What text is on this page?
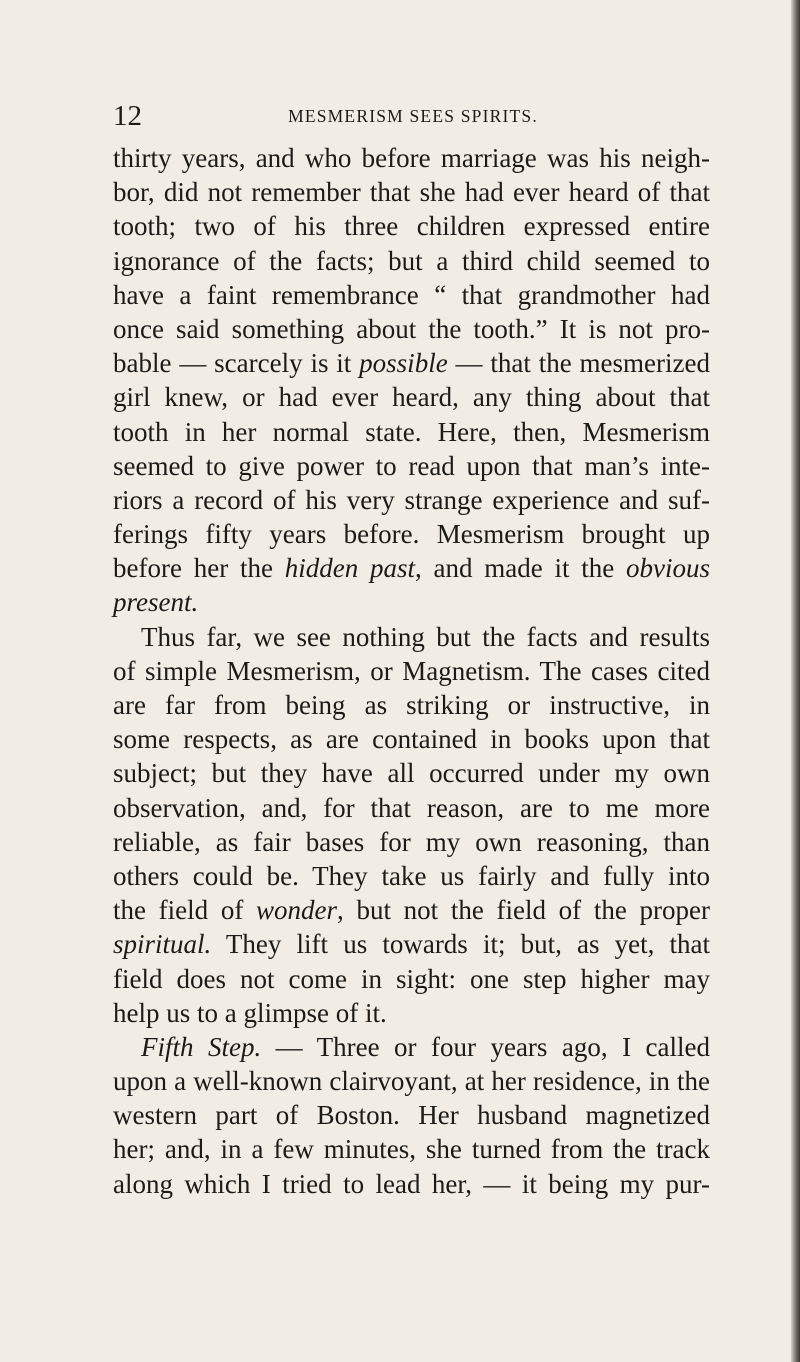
12	MESMERISM SEES SPIRITS.
thirty years, and who before marriage was his neigh-
bor, did not remember that she had ever heard of that
tooth; two of his three children expressed entire
ignorance of the facts; but a third child seemed to
have a faint remembrance “ that grandmother had
once said something about the tooth.” It is not pro-
bable — scarcely is it possible — that the mesmerized
girl knew, or had ever heard, any thing about that
tooth in her normal state. Here, then, Mesmerism
seemed to give power to read upon that man’s inte-
riors a record of his very strange experience and suf-
ferings fifty years before. Mesmerism brought up
before her the hidden past, and made it the obvious
present.
Thus far, we see nothing but the facts and results
of simple Mesmerism, or Magnetism. The cases cited
are far from being as striking or instructive, in
some respects, as are contained in books upon that
subject; but they have all occurred under my own
observation, and, for that reason, are to me more
reliable, as fair bases for my own reasoning, than
others could be. They take us fairly and fully into
the field of wonder, but not the field of the proper
spiritual. They lift us towards it; but, as yet, that
field does not come in sight: one step higher may
help us to a glimpse of it.
Fifth Step. — Three or four years ago, I called
upon a well-known clairvoyant, at her residence, in the
western part of Boston. Her husband magnetized
her; and, in a few minutes, she turned from the track
along which I tried to lead her, — it being my pur-
